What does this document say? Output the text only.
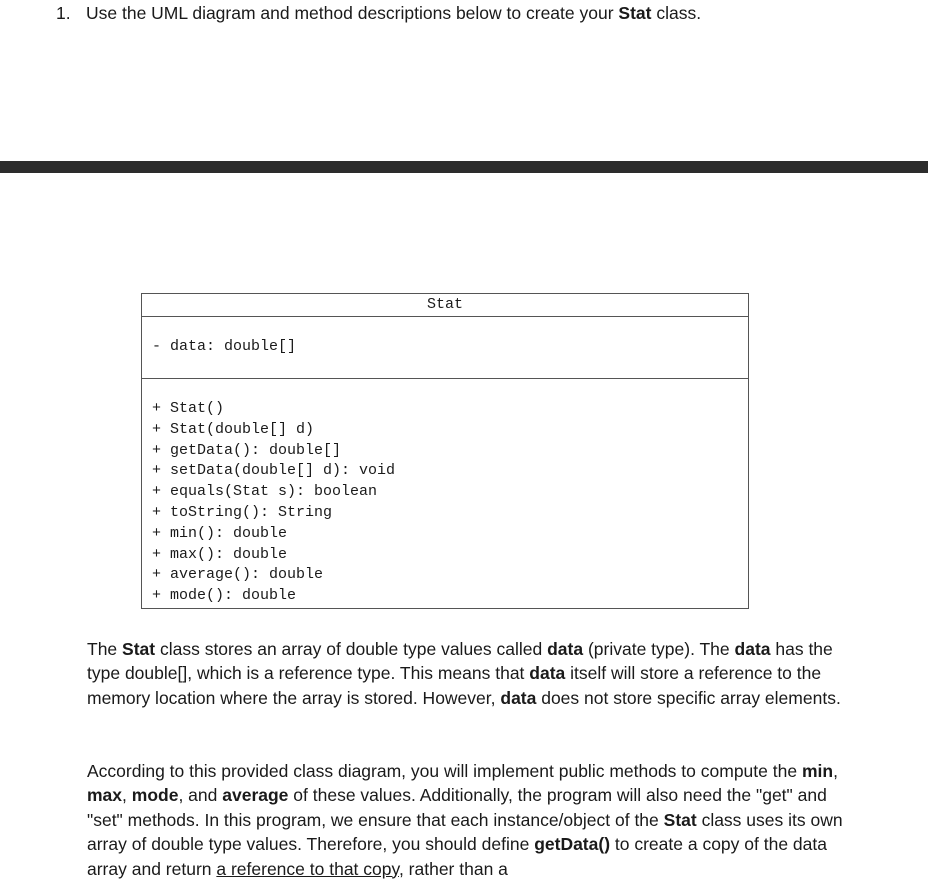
1. Use the UML diagram and method descriptions below to create your Stat class.
Stat
- data: double[]
+ Stat()
+ Stat(double[] d)
+ getData(): double[]
+ setData(double[] d): void
+ equals(Stat s): boolean
+ toString(): String
+ min(): double
+ max(): double
+ average(): double
+ mode(): double

The Stat class stores an array of double type values called data (private type). The data has the type double[], which is a reference type. This means that data itself will store a reference to the memory location where the array is stored. However, data does not store specific array elements.

According to this provided class diagram, you will implement public methods to compute the min, max, mode, and average of these values. Additionally, the program will also need the "get" and "set" methods. In this program, we ensure that each instance/object of the Stat class uses its own array of double type values. Therefore, you should define getData() to create a copy of the data array and return a reference to that copy, rather than a
